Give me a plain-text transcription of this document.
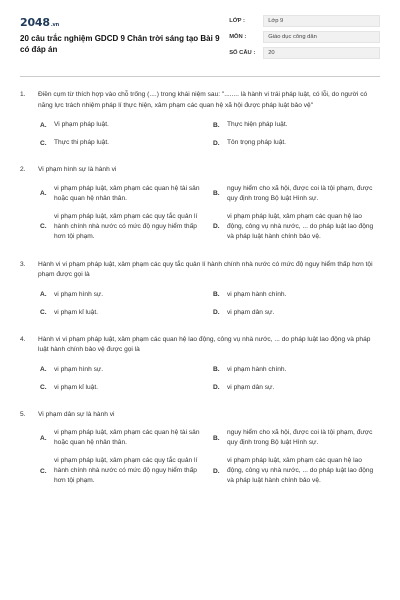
2048.vn
20 câu trắc nghiệm GDCD 9 Chân trời sáng tạo Bài 9 có đáp án
LỚP :	Lớp 9
MÔN :	Giáo dục công dân
SỐ CÂU :	20
1.	Điền cụm từ thích hợp vào chỗ trống (....) trong khái niệm sau: "........ là hành vi trái pháp luật, có lỗi, do người có năng lực trách nhiệm pháp lí thực hiện, xâm phạm các quan hệ xã hội được pháp luật bảo vệ"
A.	Vi phạm pháp luật.	B.	Thực hiện pháp luật.
C.	Thực thi pháp luật.	D.	Tôn trọng pháp luật.
2.	Vi phạm hình sự là hành vi
A.
vi phạm pháp luật, xâm phạm các quan hệ tài sản hoặc quan hệ nhân thân.
B.
nguy hiểm cho xã hội, được coi là tội phạm, được quy định trong Bộ luật Hình sự.
C.
vi phạm pháp luật, xâm phạm các quy tắc quản lí hành chính nhà nước có mức độ nguy hiểm thấp hơn tội phạm.
D.
vi phạm pháp luật, xâm phạm các quan hệ lao động, công vụ nhà nước, ... do pháp luật lao động và pháp luật hành chính bảo vệ.
3.	Hành vi vi phạm pháp luật, xâm phạm các quy tắc quản lí hành chính nhà nước có mức độ nguy hiểm thấp hơn tội phạm được gọi là
A.	vi phạm hình sự.	B.	vi phạm hành chính.
C.	vi phạm kỉ luật.	D.	vi phạm dân sự.
4.	Hành vi vi phạm pháp luật, xâm phạm các quan hệ lao động, công vụ nhà nước, ... do pháp luật lao động và pháp luật hành chính bảo vệ được gọi là
A.	vi phạm hình sự.	B.	vi phạm hành chính.
C.	vi phạm kỉ luật.	D.	vi phạm dân sự.
5.	Vi phạm dân sự là hành vi
A.
vi phạm pháp luật, xâm phạm các quan hệ tài sản hoặc quan hệ nhân thân.
B.
nguy hiểm cho xã hội, được coi là tội phạm, được quy định trong Bộ luật Hình sự.
C.
vi phạm pháp luật, xâm phạm các quy tắc quản lí hành chính nhà nước có mức độ nguy hiểm thấp hơn tội phạm.
D.
vi phạm pháp luật, xâm phạm các quan hệ lao động, công vụ nhà nước, ... do pháp luật lao động và pháp luật hành chính bảo vệ.
